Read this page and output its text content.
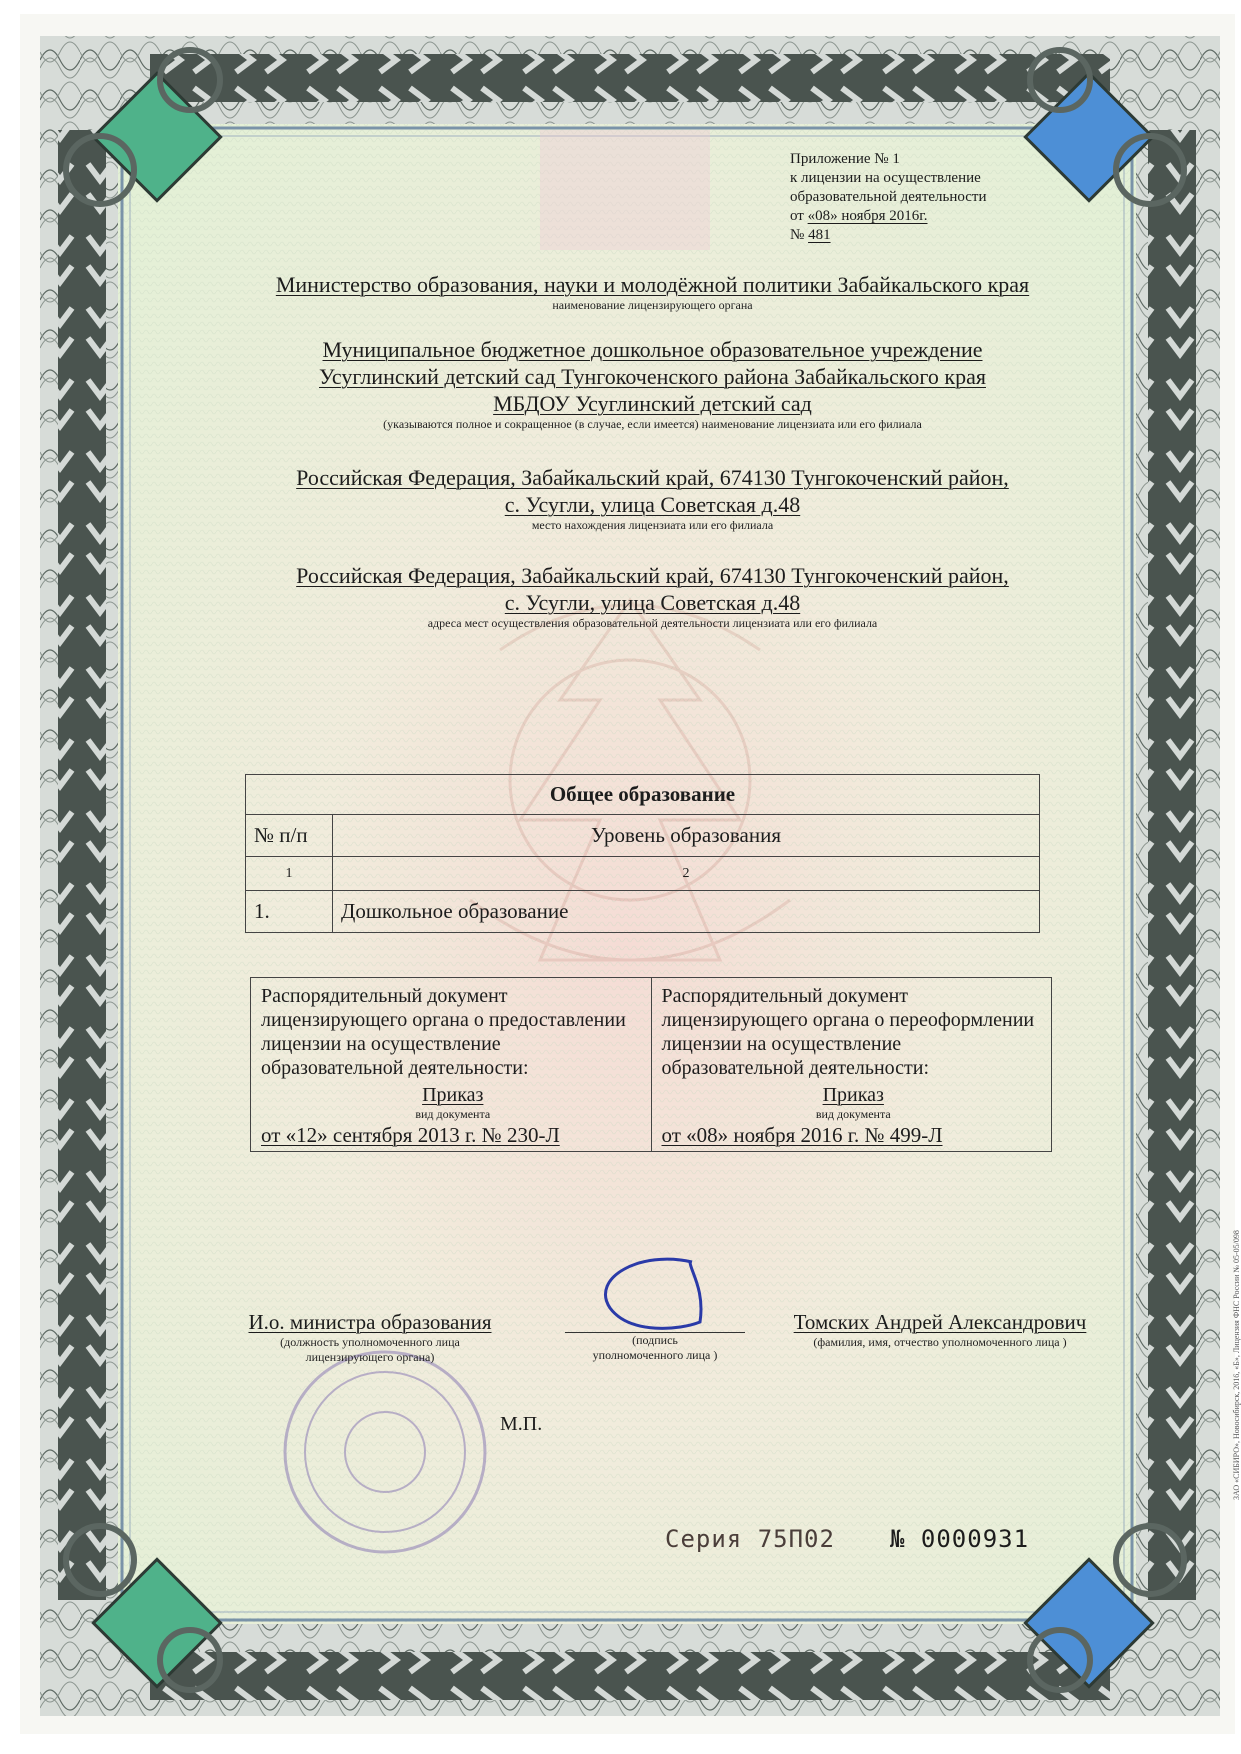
Приложение № 1
к лицензии на осуществление
образовательной деятельности
от «08» ноября 2016г.
№ 481
Министерство образования, науки и молодёжной политики Забайкальского края
наименование лицензирующего органа
Муниципальное бюджетное дошкольное образовательное учреждение
Усуглинский детский сад Тунгокоченского района Забайкальского края
МБДОУ Усуглинский детский сад
(указываются полное и сокращенное (в случае, если имеется) наименование лицензиата или его филиала
Российская Федерация, Забайкальский край, 674130 Тунгокоченский район,
с. Усугли, улица Советская д.48
место нахождения лицензиата или его филиала
Российская Федерация, Забайкальский край, 674130 Тунгокоченский район,
с. Усугли, улица Советская д.48
адреса мест осуществления образовательной деятельности лицензиата или его филиала
Общее образование	
№ п/п	Уровень образования
1	2
1.	Дошкольное образование
Распорядительный документ лицензирующего органа о предоставлении лицензии на осуществление образовательной деятельности:
Приказ
вид документа
от «12» сентября 2013 г. № 230-Л

Распорядительный документ лицензирующего органа о переоформлении лицензии на осуществление образовательной деятельности:
Приказ
вид документа
от «08» ноября 2016 г. № 499-Л
И.о. министра образования
(должность уполномоченного лица
лицензирующего органа)
(подпись
уполномоченного лица )
Томских Андрей Александрович
(фамилия, имя, отчество уполномоченного лица )
М.П.
Серия 75П02 № 0000931
ЗАО «СИБИРО», Новосибирск, 2016, «Б», Лицензия ФНС России № 05-05/098
